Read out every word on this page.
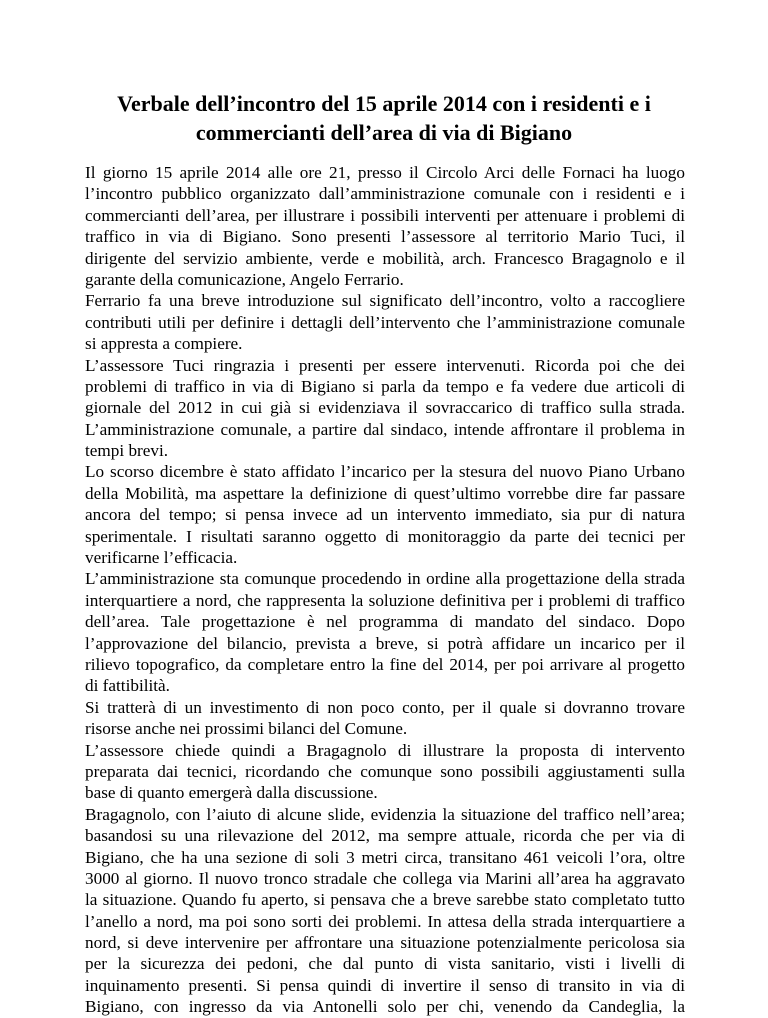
Verbale dell’incontro del 15 aprile 2014 con i residenti e i
commercianti dell’area di via di Bigiano
Il giorno 15 aprile 2014 alle ore 21, presso il Circolo Arci delle Fornaci ha luogo
l’incontro pubblico organizzato dall’amministrazione comunale con i residenti e i
commercianti dell’area, per illustrare i possibili interventi per attenuare i problemi di
traffico in via di Bigiano. Sono presenti l’assessore al territorio Mario Tuci, il
dirigente del servizio ambiente, verde e mobilità, arch. Francesco Bragagnolo e il
garante della comunicazione, Angelo Ferrario.
Ferrario fa una breve introduzione sul significato dell’incontro, volto a raccogliere
contributi utili per definire i dettagli dell’intervento che l’amministrazione comunale
si appresta a compiere.
L’assessore Tuci ringrazia i presenti per essere intervenuti. Ricorda poi che dei
problemi di traffico in via di Bigiano si parla da tempo e fa vedere due articoli di
giornale del 2012 in cui già si evidenziava il sovraccarico di traffico sulla strada.
L’amministrazione comunale, a partire dal sindaco, intende affrontare il problema in
tempi brevi.
Lo scorso dicembre è stato affidato l’incarico per la stesura del nuovo Piano Urbano
della Mobilità, ma aspettare la definizione di quest’ultimo vorrebbe dire far passare
ancora del tempo; si pensa invece ad un intervento immediato, sia pur di natura
sperimentale. I risultati saranno oggetto di monitoraggio da parte dei tecnici per
verificarne l’efficacia.
L’amministrazione sta comunque procedendo in ordine alla progettazione della strada
interquartiere a nord, che rappresenta la soluzione definitiva per i problemi di traffico
dell’area. Tale progettazione è nel programma di mandato del sindaco. Dopo
l’approvazione del bilancio, prevista a breve, si potrà affidare un incarico per il
rilievo topografico, da completare entro la fine del 2014, per poi arrivare al progetto
di fattibilità.
Si tratterà di un investimento di non poco conto, per il quale si dovranno trovare
risorse anche nei prossimi bilanci del Comune.
L’assessore chiede quindi a Bragagnolo di illustrare la proposta di intervento
preparata dai tecnici, ricordando che comunque sono possibili aggiustamenti sulla
base di quanto emergerà dalla discussione.
Bragagnolo, con l’aiuto di alcune slide, evidenzia la situazione del traffico nell’area;
basandosi su una rilevazione del 2012, ma sempre attuale, ricorda che per via di
Bigiano, che ha una sezione di soli 3 metri circa, transitano 461 veicoli l’ora, oltre
3000 al giorno. Il nuovo tronco stradale che collega via Marini all’area ha aggravato
la situazione. Quando fu aperto, si pensava che a breve sarebbe stato completato tutto
l’anello a nord, ma poi sono sorti dei problemi. In attesa della strada interquartiere a
nord, si deve intervenire per affrontare una situazione potenzialmente pericolosa sia
per la sicurezza dei pedoni, che dal punto di vista sanitario, visti i livelli di
inquinamento presenti. Si pensa quindi di invertire il senso di transito in via di
Bigiano, con ingresso da via Antonelli solo per chi, venendo da Candeglia, la
